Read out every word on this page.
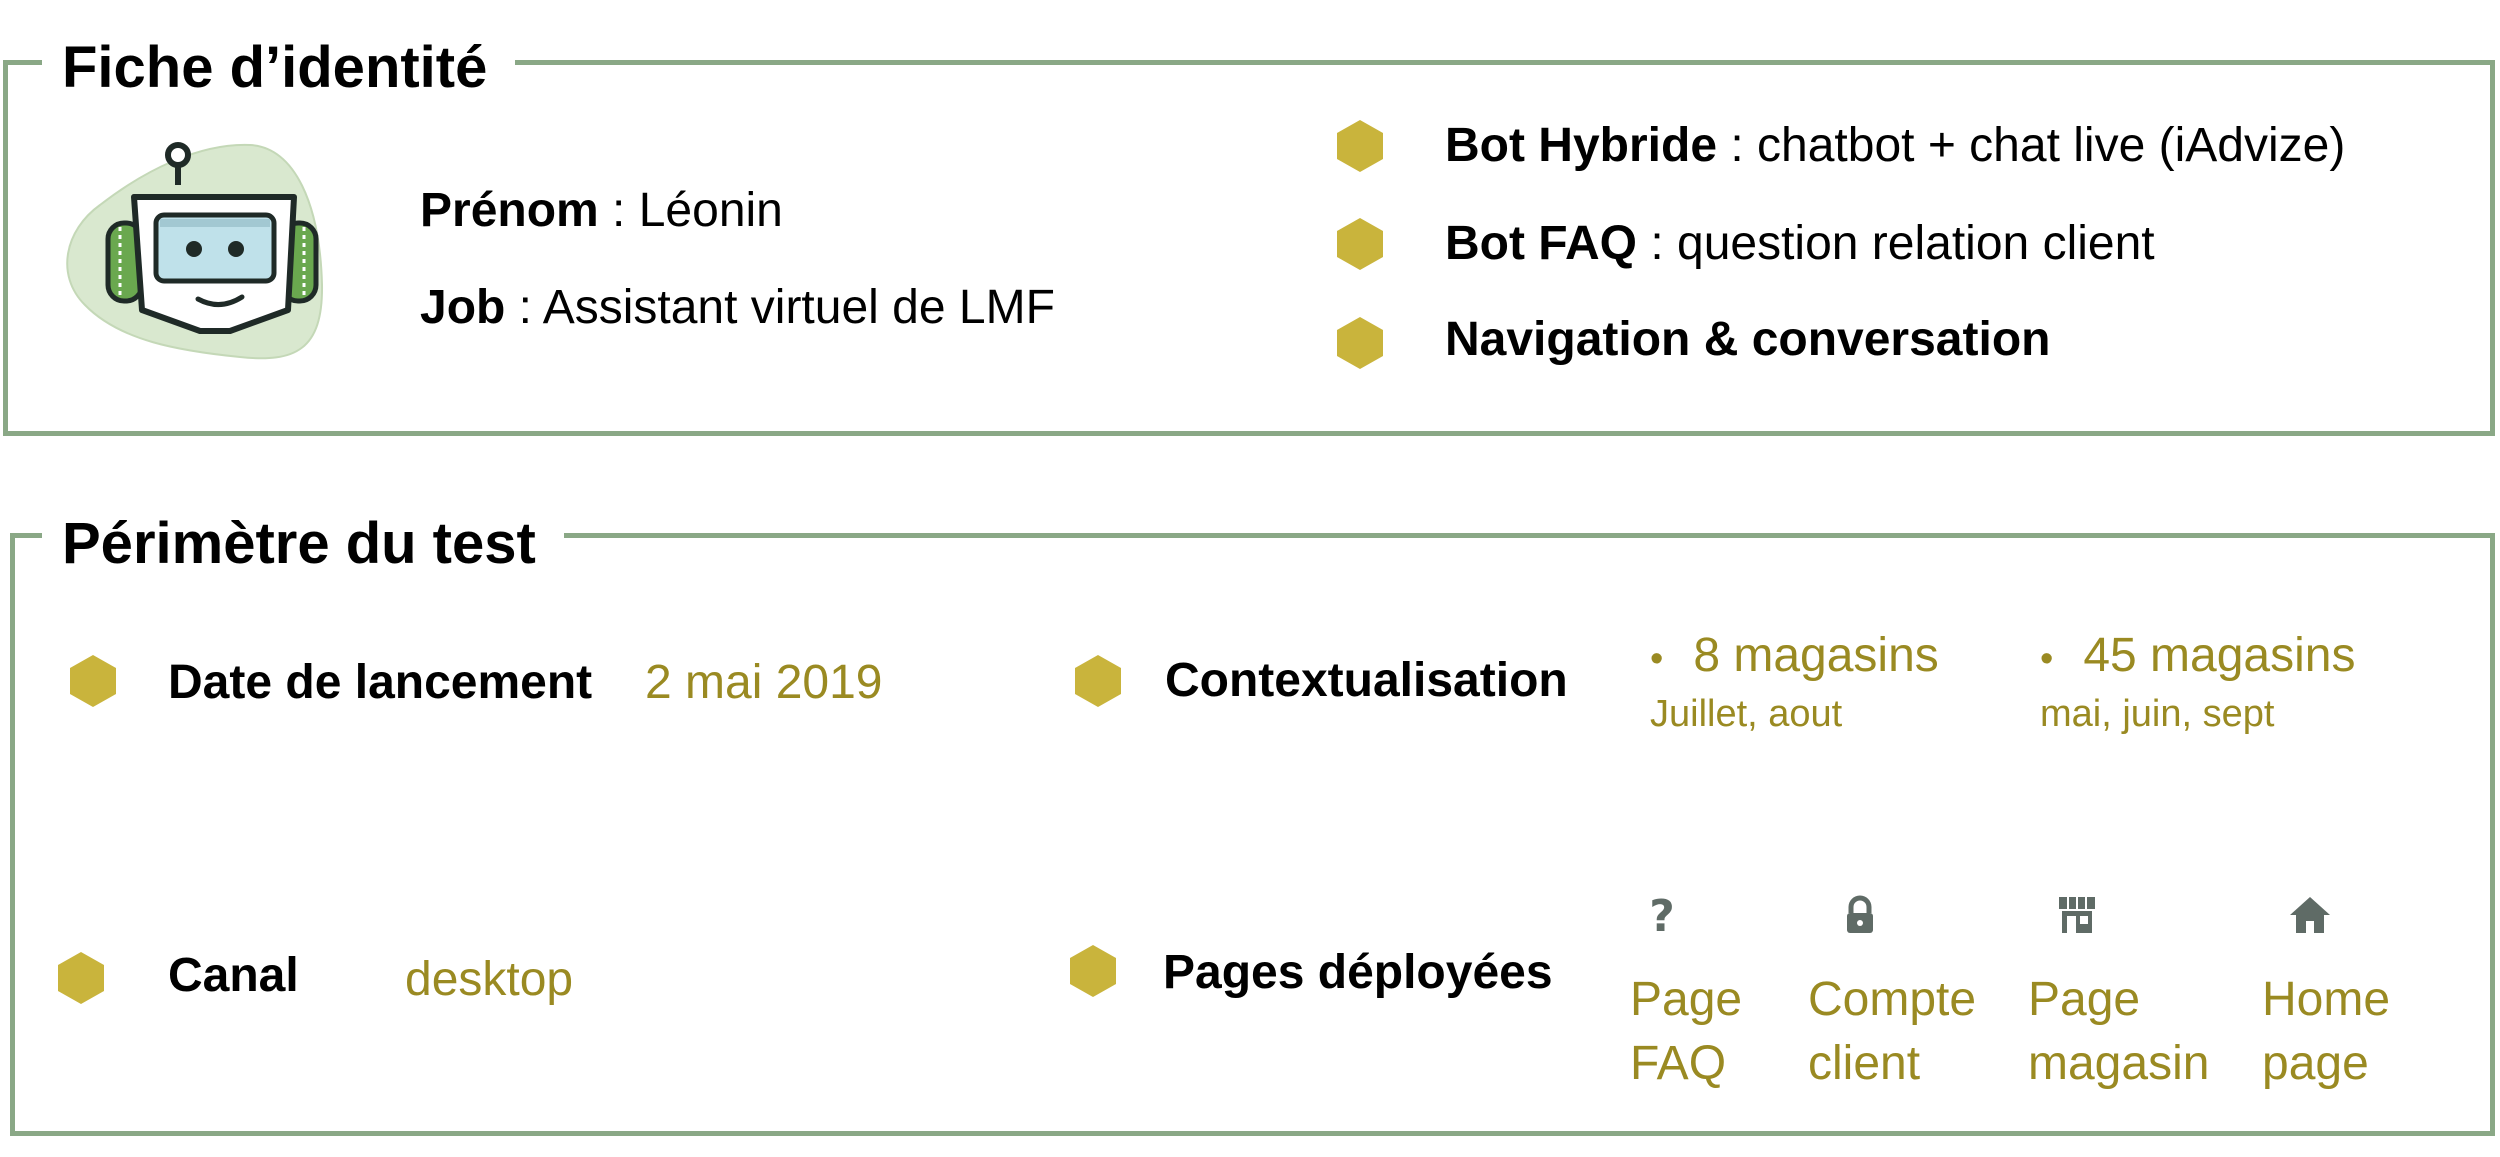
Fiche d’identité
Prénom : Léonin
Job : Assistant virtuel de LMF
Bot Hybride : chatbot + chat live (iAdvize)
Bot FAQ : question relation client
Navigation & conversation
Périmètre du test
Date de lancement 2 mai 2019	Contextualisation • 8 magasins
Juillet, aout
• 45 magasins
mai, juin, sept
Canal desktop	Pages déployées
?
Page FAQ
Compte client
Page magasin
Home page
